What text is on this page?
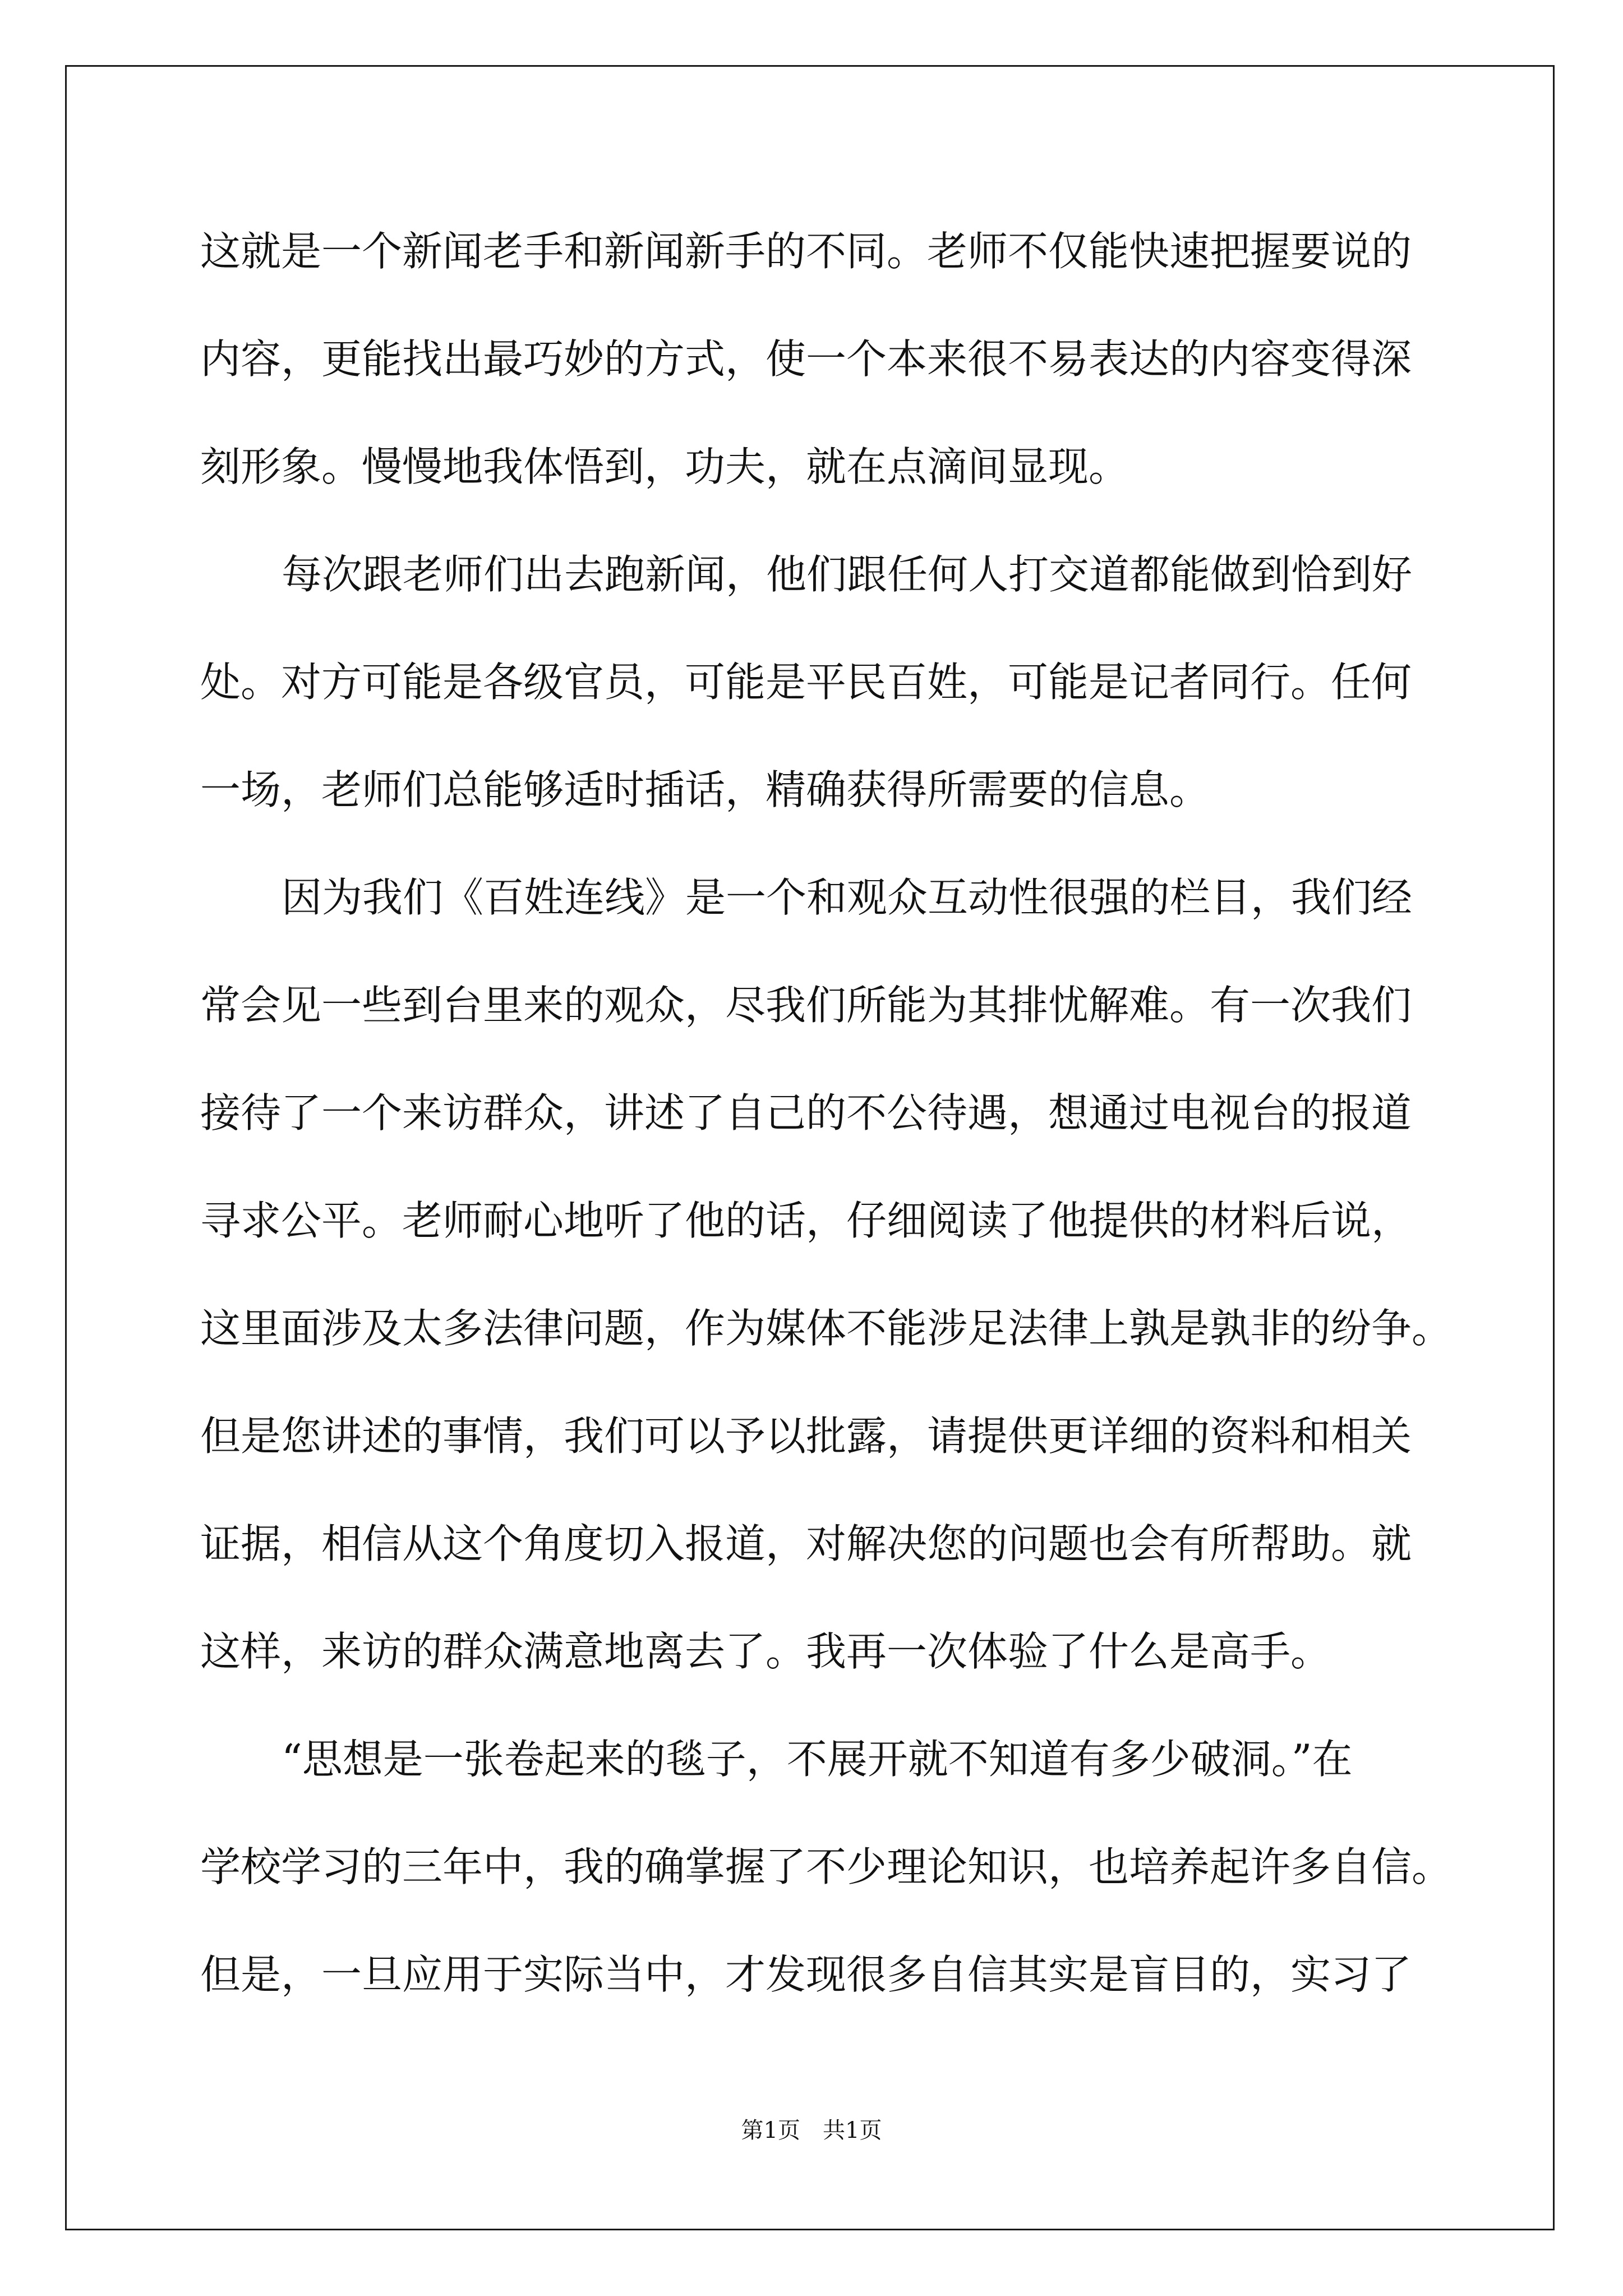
这就是一个新闻老手和新闻新手的不同。老师不仅能快速把握要说的
内容，更能找出最巧妙的方式，使一个本来很不易表达的内容变得深
刻形象。慢慢地我体悟到，功夫，就在点滴间显现。
每次跟老师们出去跑新闻，他们跟任何人打交道都能做到恰到好
处。对方可能是各级官员，可能是平民百姓，可能是记者同行。任何
一场，老师们总能够适时插话，精确获得所需要的信息。
因为我们《百姓连线》是一个和观众互动性很强的栏目，我们经
常会见一些到台里来的观众，尽我们所能为其排忧解难。有一次我们
接待了一个来访群众，讲述了自己的不公待遇，想通过电视台的报道
寻求公平。老师耐心地听了他的话，仔细阅读了他提供的材料后说，
这里面涉及太多法律问题，作为媒体不能涉足法律上孰是孰非的纷争。
但是您讲述的事情，我们可以予以批露，请提供更详细的资料和相关
证据，相信从这个角度切入报道，对解决您的问题也会有所帮助。就
这样，来访的群众满意地离去了。我再一次体验了什么是高手。
“思想是一张卷起来的毯子，不展开就不知道有多少破洞。”在
学校学习的三年中，我的确掌握了不少理论知识，也培养起许多自信。
但是，一旦应用于实际当中，才发现很多自信其实是盲目的，实习了
第1页　共1页
